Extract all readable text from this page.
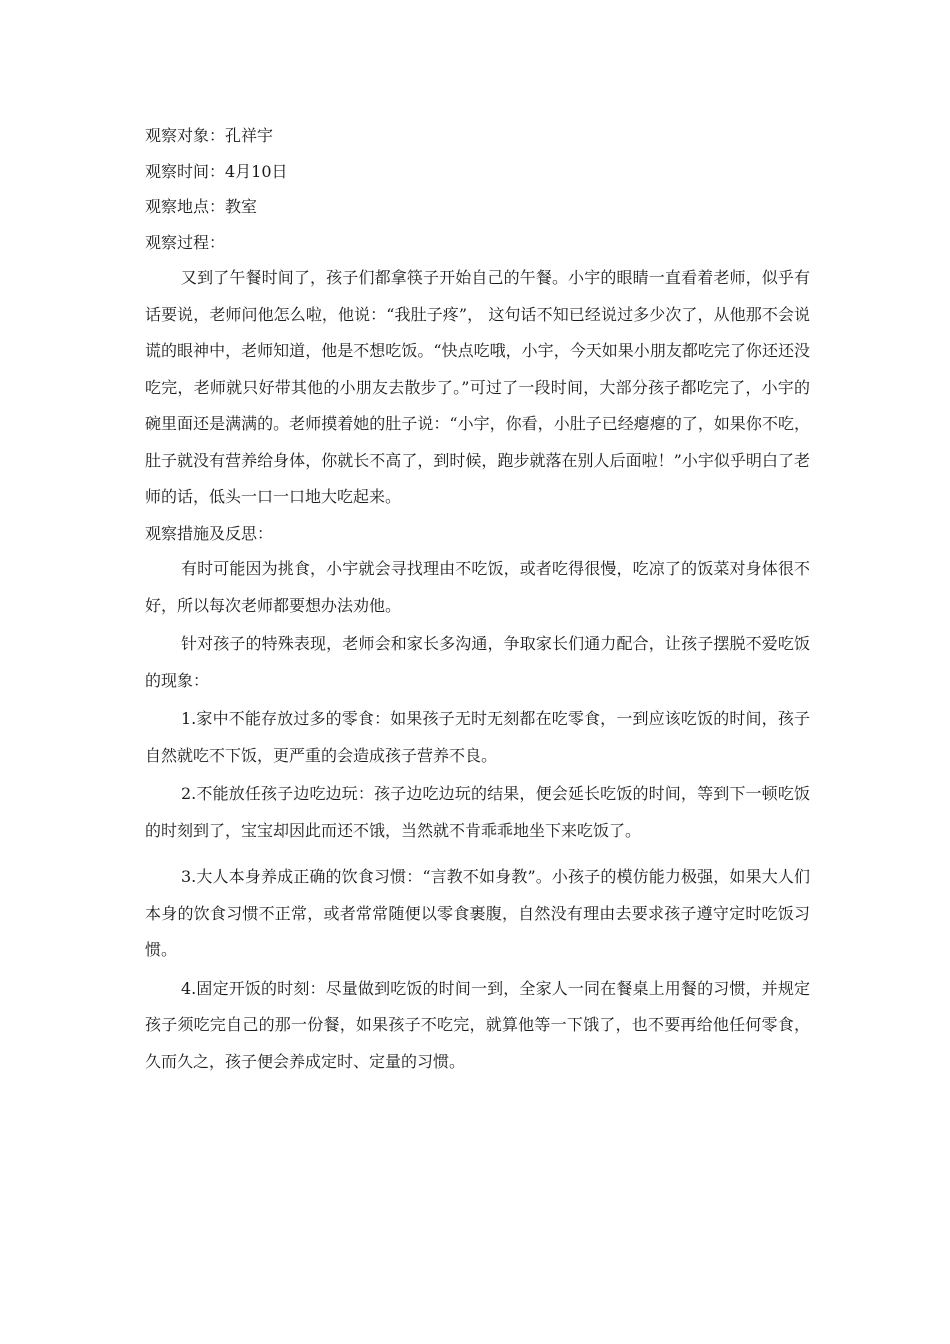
观察对象：孔祥宇
观察时间：4月10日
观察地点：教室
观察过程：

又到了午餐时间了，孩子们都拿筷子开始自己的午餐。小宇的眼睛一直看着老师，似乎有话要说，老师问他怎么啦，他说：“我肚子疼”， 这句话不知已经说过多少次了，从他那不会说谎的眼神中，老师知道，他是不想吃饭。“快点吃哦，小宇，今天如果小朋友都吃完了你还还没吃完，老师就只好带其他的小朋友去散步了。”可过了一段时间，大部分孩子都吃完了，小宇的碗里面还是满满的。老师摸着她的肚子说：“小宇，你看，小肚子已经瘪瘪的了，如果你不吃，肚子就没有营养给身体，你就长不高了，到时候，跑步就落在别人后面啦！”小宇似乎明白了老师的话，低头一口一口地大吃起来。

观察措施及反思：

有时可能因为挑食，小宇就会寻找理由不吃饭，或者吃得很慢，吃凉了的饭菜对身体很不好，所以每次老师都要想办法劝他。

针对孩子的特殊表现，老师会和家长多沟通，争取家长们通力配合，让孩子摆脱不爱吃饭的现象：

1.家中不能存放过多的零食：如果孩子无时无刻都在吃零食，一到应该吃饭的时间，孩子自然就吃不下饭，更严重的会造成孩子营养不良。

2.不能放任孩子边吃边玩：孩子边吃边玩的结果，便会延长吃饭的时间，等到下一顿吃饭的时刻到了，宝宝却因此而还不饿，当然就不肯乖乖地坐下来吃饭了。

3.大人本身养成正确的饮食习惯：“言教不如身教”。小孩子的模仿能力极强，如果大人们本身的饮食习惯不正常，或者常常随便以零食裹腹，自然没有理由去要求孩子遵守定时吃饭习惯。

4.固定开饭的时刻：尽量做到吃饭的时间一到，全家人一同在餐桌上用餐的习惯，并规定孩子须吃完自己的那一份餐，如果孩子不吃完，就算他等一下饿了，也不要再给他任何零食，久而久之，孩子便会养成定时、定量的习惯。
